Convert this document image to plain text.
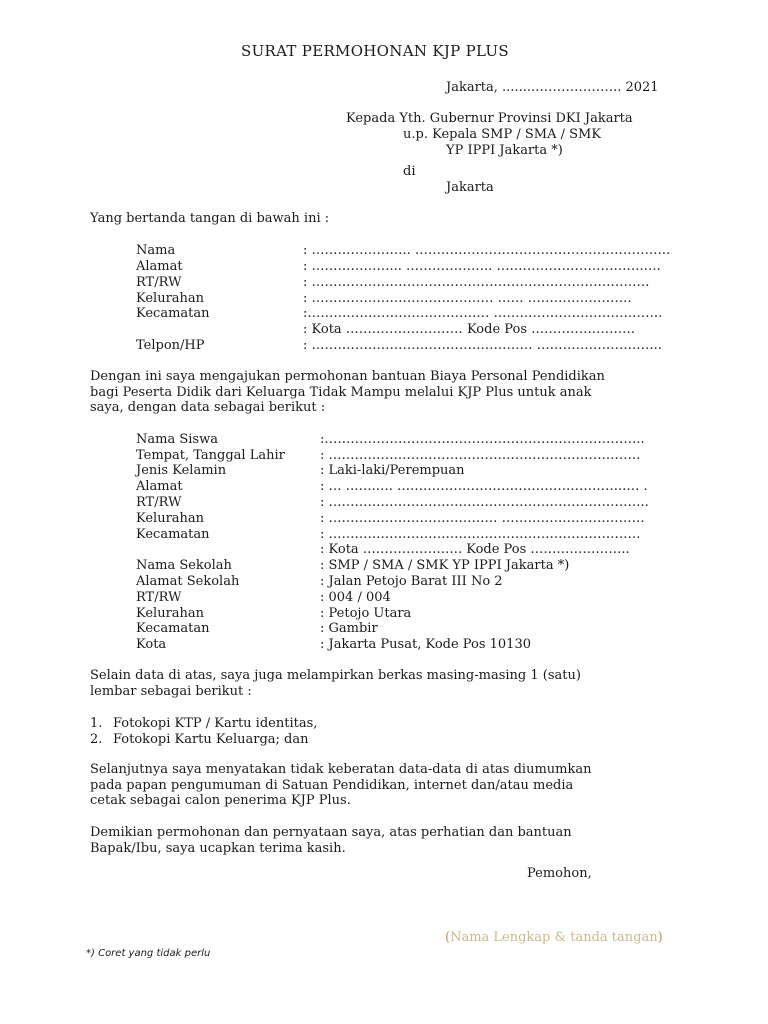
SURAT PERMOHONAN KJP PLUS
Jakarta, ........……………….. 2021
Kepada Yth. Gubernur Provinsi DKI Jakarta
u.p. Kepala SMP / SMA / SMK
YP IPPI Jakarta *)
di
Jakarta
Yang bertanda tangan di bawah ini :
Nama	: ………………….. …………………………………………………..
Alamat	: ………………... ……………….. …………………………….….
RT/RW	: ……………………………………………………………………
Kelurahan	: …………………………………… …… ……………………
Kecamatan	:…………………………………… …………………………………
: Kota ……………………… Kode Pos ……………………
Telpon/HP	: …………………………………………… ………………………..
Dengan ini saya mengajukan permohonan bantuan Biaya Personal Pendidikan
bagi Peserta Didik dari Keluarga Tidak Mampu melalui KJP Plus untuk anak
saya, dengan data sebagai berikut :
Nama Siswa	:………………………………………………………………..
Tempat, Tanggal Lahir	: ………………………………………………………………
Jenis Kelamin	: Laki-laki/Perempuan
Alamat	: … …….…. …………………………………………….…. .
RT/RW	: ………………………………………………………………..
Kelurahan	: ………………………………… ……………………………
Kecamatan	: ………………………………………………………………
: Kota ………………….. Kode Pos …………………..
Nama Sekolah	: SMP / SMA / SMK YP IPPI Jakarta *)
Alamat Sekolah	: Jalan Petojo Barat III No 2
RT/RW	: 004 / 004
Kelurahan	: Petojo Utara
Kecamatan	: Gambir
Kota	: Jakarta Pusat, Kode Pos 10130
Selain data di atas, saya juga melampirkan berkas masing-masing 1 (satu)
lembar sebagai berikut :
1. Fotokopi KTP / Kartu identitas,
2. Fotokopi Kartu Keluarga; dan
Selanjutnya saya menyatakan tidak keberatan data-data di atas diumumkan
pada papan pengumuman di Satuan Pendidikan, internet dan/atau media
cetak sebagai calon penerima KJP Plus.
Demikian permohonan dan pernyataan saya, atas perhatian dan bantuan
Bapak/Ibu, saya ucapkan terima kasih.
Pemohon,
(Nama Lengkap & tanda tangan)
*) Coret yang tidak perlu
